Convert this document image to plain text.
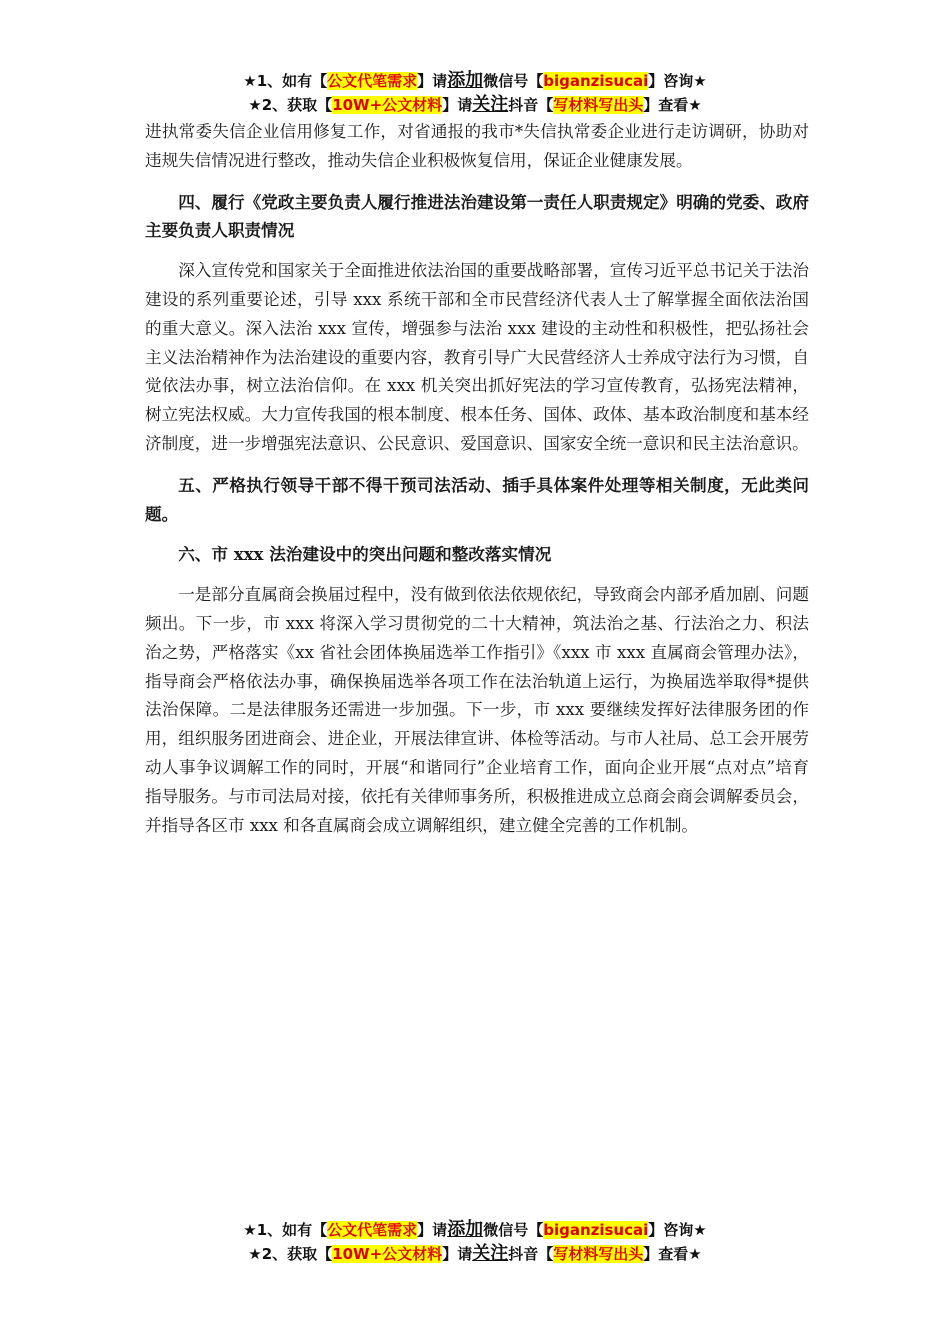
★1、如有【公文代笔需求】请添加微信号【biganzisucai】咨询★
★2、获取【10W+公文材料】请关注抖音【写材料写出头】查看★

进执常委失信企业信用修复工作，对省通报的我市*失信执常委企业进行走访调研，协助对违规失信情况进行整改，推动失信企业积极恢复信用，保证企业健康发展。

四、履行《党政主要负责人履行推进法治建设第一责任人职责规定》明确的党委、政府主要负责人职责情况

深入宣传党和国家关于全面推进依法治国的重要战略部署，宣传习近平总书记关于法治建设的系列重要论述，引导 xxx 系统干部和全市民营经济代表人士了解掌握全面依法治国的重大意义。深入法治 xxx 宣传，增强参与法治 xxx 建设的主动性和积极性，把弘扬社会主义法治精神作为法治建设的重要内容，教育引导广大民营经济人士养成守法行为习惯，自觉依法办事，树立法治信仰。在 xxx 机关突出抓好宪法的学习宣传教育，弘扬宪法精神，树立宪法权威。大力宣传我国的根本制度、根本任务、国体、政体、基本政治制度和基本经济制度，进一步增强宪法意识、公民意识、爱国意识、国家安全统一意识和民主法治意识。

五、严格执行领导干部不得干预司法活动、插手具体案件处理等相关制度，无此类问题。

六、市 xxx 法治建设中的突出问题和整改落实情况

一是部分直属商会换届过程中，没有做到依法依规依纪，导致商会内部矛盾加剧、问题频出。下一步，市 xxx 将深入学习贯彻党的二十大精神，筑法治之基、行法治之力、积法治之势，严格落实《xx 省社会团体换届选举工作指引》《xxx 市 xxx 直属商会管理办法》，指导商会严格依法办事，确保换届选举各项工作在法治轨道上运行，为换届选举取得*提供法治保障。二是法律服务还需进一步加强。下一步，市 xxx 要继续发挥好法律服务团的作用，组织服务团进商会、进企业，开展法律宣讲、体检等活动。与市人社局、总工会开展劳动人事争议调解工作的同时，开展“和谐同行”企业培育工作，面向企业开展“点对点”培育指导服务。与市司法局对接，依托有关律师事务所，积极推进成立总商会商会调解委员会，并指导各区市 xxx 和各直属商会成立调解组织，建立健全完善的工作机制。

★1、如有【公文代笔需求】请添加微信号【biganzisucai】咨询★
★2、获取【10W+公文材料】请关注抖音【写材料写出头】查看★
